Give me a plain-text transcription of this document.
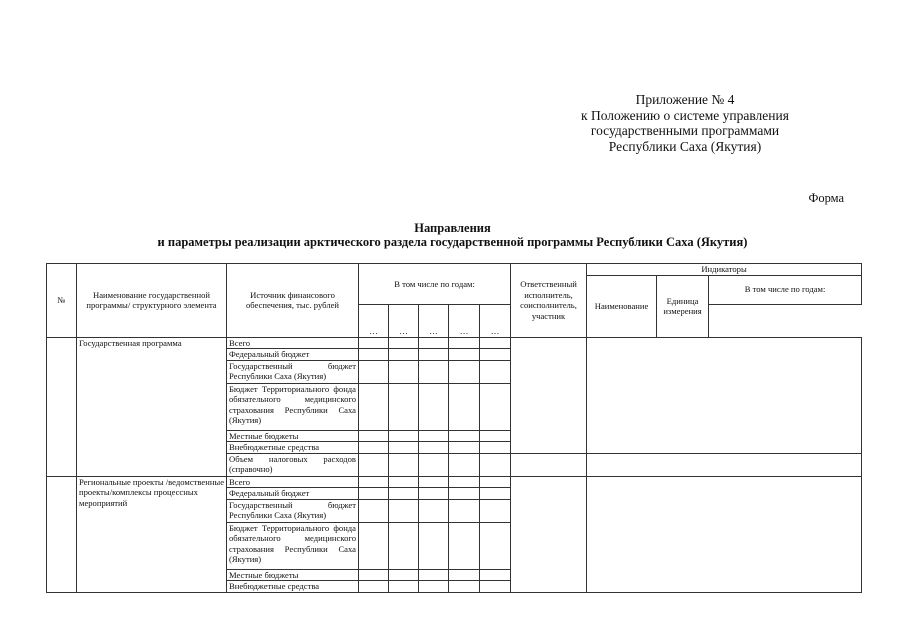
Приложение № 4
к Положению о системе управления
государственными программами
Республики Саха (Якутия)
Форма
Направления
и параметры реализации арктического раздела государственной программы Республики Саха (Якутия)
№	Наименование государственной программы/ структурного элемента	Источник финансового обеспечения, тыс. рублей	В том числе по годам:					Ответственный исполнитель, соисполнитель, участник	Индикаторы		
									Наименование	Единица измерения	В том числе по годам:
			…	…	…	…	…				
	Государственная программа	Всего									
		Федеральный бюджет									
		Государственный бюджет Республики Саха (Якутия)									
		Бюджет Территориального фонда обязательного медицинского страхования Республики Саха (Якутия)									
		Местные бюджеты									
		Внебюджетные средства									
		Объем налоговых расходов (справочно)									
	Региональные проекты /ведомственные проекты/комплексы процессных мероприятий	Всего									
		Федеральный бюджет									
		Государственный бюджет Республики Саха (Якутия)									
		Бюджет Территориального фонда обязательного медицинского страхования Республики Саха (Якутия)									
		Местные бюджеты									
		Внебюджетные средства									
